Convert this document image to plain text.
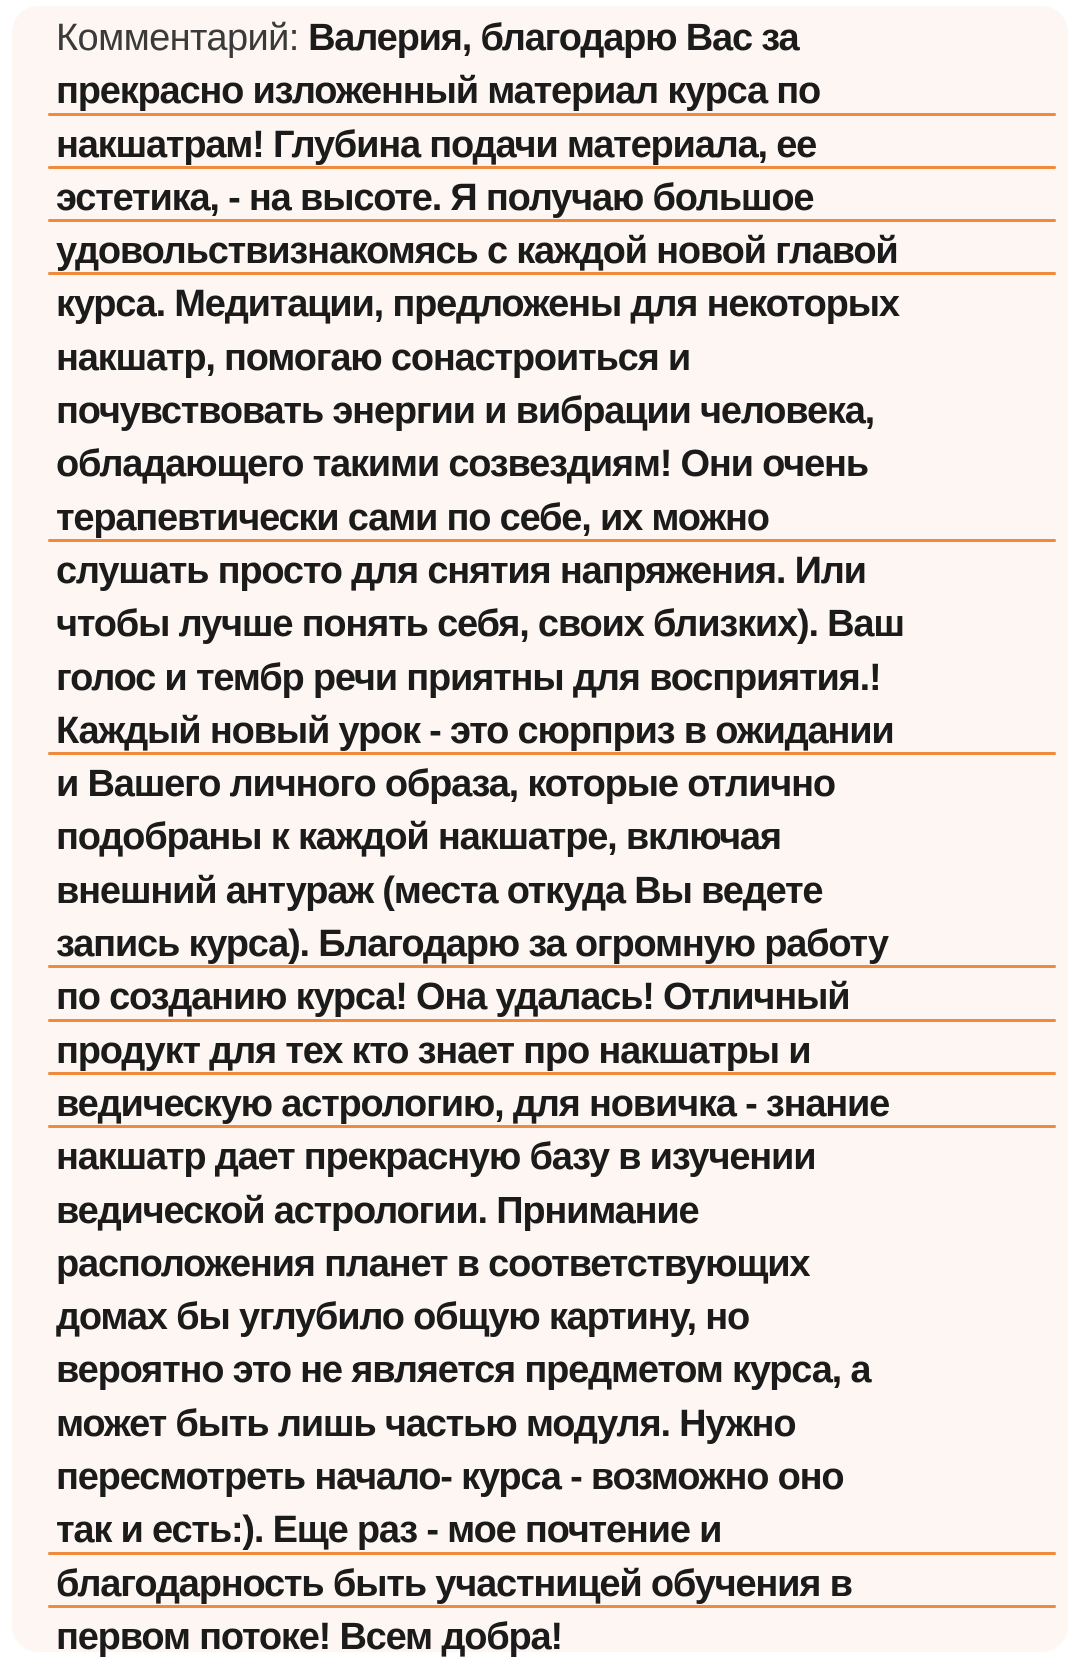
Комментарий: Валерия, благодарю Вас за

прекрасно изложенный материал курса по
накшатрам! Глубина подачи материала, ее
эстетика, - на высоте. Я получаю большое
удовольствизнакомясь с каждой новой главой
курса. Медитации, предложены для некоторых
накшатр, помогаю сонастроиться и
почувствовать энергии и вибрации человека,
обладающего такими созвездиям! Они очень
терапевтически сами по себе, их можно
слушать просто для снятия напряжения. Или
чтобы лучше понять себя, своих близких). Ваш
голос и тембр речи приятны для восприятия.!
Каждый новый урок - это сюрприз в ожидании
и Вашего личного образа, которые отлично
подобраны к каждой накшатре, включая
внешний антураж (места откуда Вы ведете
запись курса). Благодарю за огромную работу
по созданию курса! Она удалась! Отличный
продукт для тех кто знает про накшатры и
ведическую астрологию, для новичка - знание
накшатр дает прекрасную базу в изучении
ведической астрологии. Прнимание
расположения планет в соответствующих
домах бы углубило общую картину, но
вероятно это не является предметом курса, а
может быть лишь частью модуля. Нужно
пересмотреть начало- курса - возможно оно
так и есть:). Еще раз - мое почтение и
благодарность быть участницей обучения в
первом потоке! Всем добра!
